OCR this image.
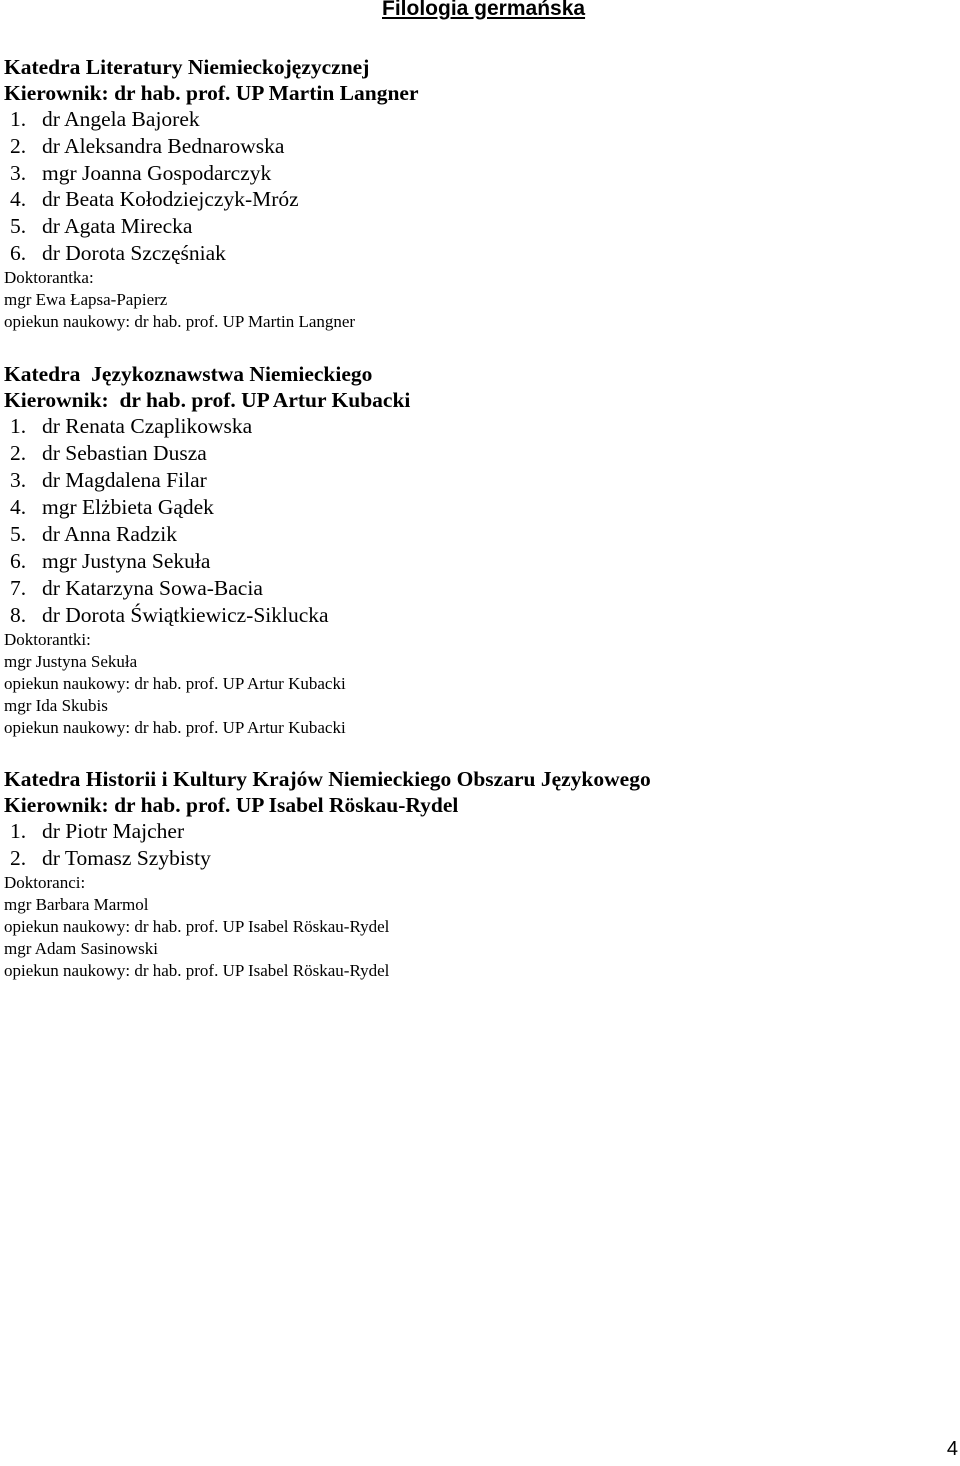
Filologia germańska
Katedra Literatury Niemieckojęzycznej
Kierownik: dr hab. prof. UP Martin Langner
1. dr Angela Bajorek
2. dr Aleksandra Bednarowska
3. mgr Joanna Gospodarczyk
4. dr Beata Kołodziejczyk-Mróz
5. dr Agata Mirecka
6. dr Dorota Szczęśniak
Doktorantka:
mgr Ewa Łapsa-Papierz
opiekun naukowy: dr hab. prof. UP Martin Langner
Katedra  Językoznawstwa Niemieckiego
Kierownik:  dr hab. prof. UP Artur Kubacki
1. dr Renata Czaplikowska
2. dr Sebastian Dusza
3. dr Magdalena Filar
4. mgr Elżbieta Gądek
5. dr Anna Radzik
6. mgr Justyna Sekuła
7. dr Katarzyna Sowa-Bacia
8. dr Dorota Świątkiewicz-Siklucka
Doktorantki:
mgr Justyna Sekuła
opiekun naukowy: dr hab. prof. UP Artur Kubacki
mgr Ida Skubis
opiekun naukowy: dr hab. prof. UP Artur Kubacki
Katedra Historii i Kultury Krajów Niemieckiego Obszaru Językowego
Kierownik: dr hab. prof. UP Isabel Röskau-Rydel
1. dr Piotr Majcher
2. dr Tomasz Szybisty
Doktoranci:
mgr Barbara Marmol
opiekun naukowy: dr hab. prof. UP Isabel Röskau-Rydel
mgr Adam Sasinowski
opiekun naukowy: dr hab. prof. UP Isabel Röskau-Rydel
4
